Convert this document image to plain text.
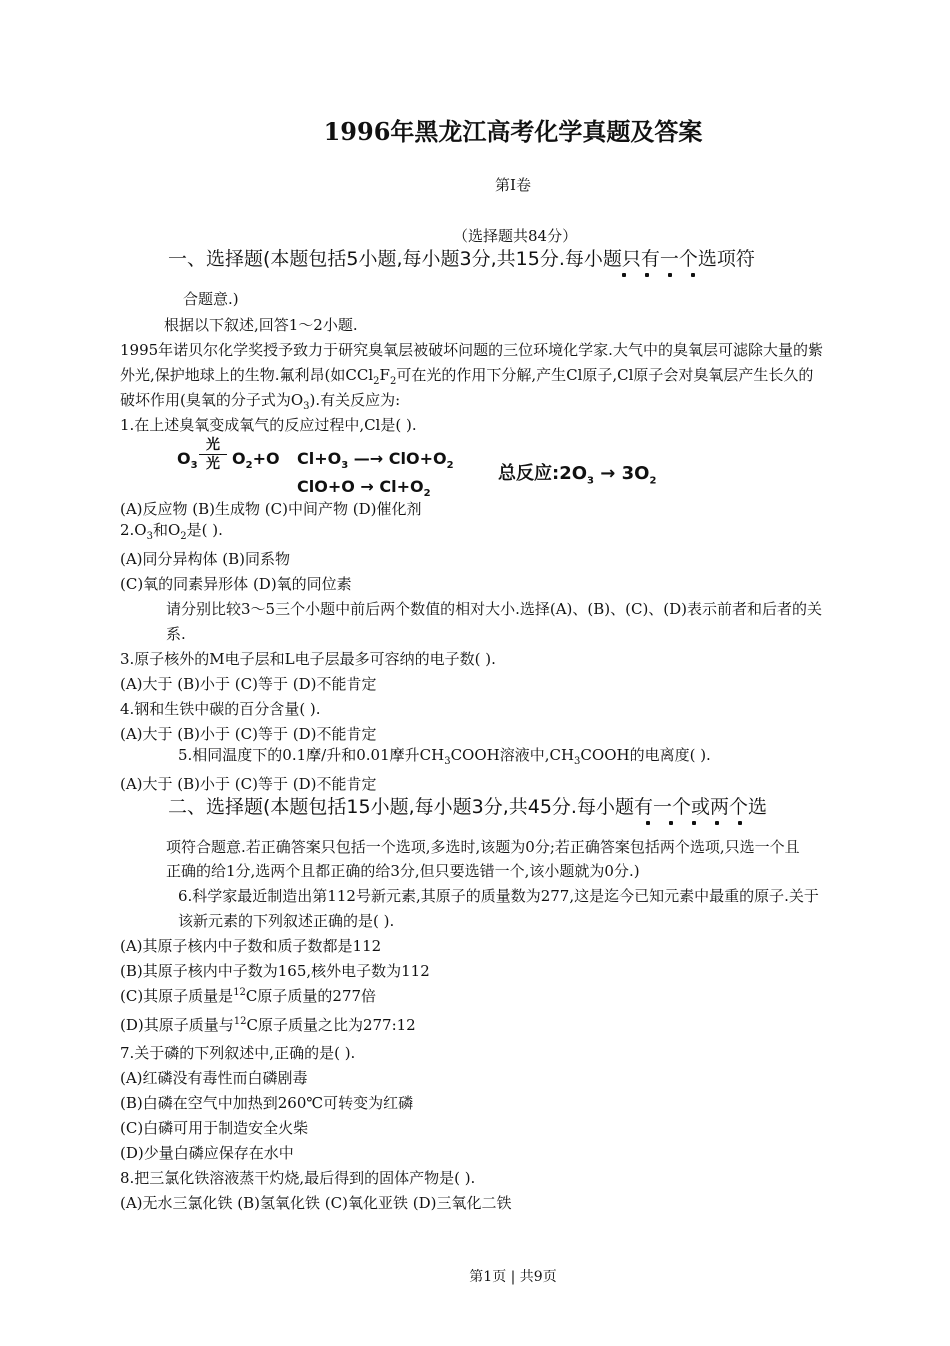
1996年黑龙江高考化学真题及答案
第I卷
（选择题共84分）
一、选择题(本题包括5小题,每小题3分,共15分.每小题只有一个选项符
合题意.)
根据以下叙述,回答1～2小题.
1995年诺贝尔化学奖授予致力于研究臭氧层被破坏问题的三位环境化学家.大气中的臭氧层可滤除大量的紫
外光,保护地球上的生物.氟利昂(如$CCl_2F_2$可在光的作用下分解,产生Cl原子,Cl原子会对臭氧层产生长久的
破坏作用(臭氧的分子式为$O_3$).有关反应为:
1.在上述臭氧变成氧气的反应过程中,Cl是( ).
$O_3$
光
光 $O_2+O$ $Cl+O_3$ —→ $ClO+O_2$
$ClO+O \to Cl+O_2$
总反应$:2O_3 \to 3O_2$
(A)反应物 (B)生成物 (C)中间产物 (D)催化剂
$2.O_3$和$O_2$是( ).
(A)同分异构体 (B)同系物
(C)氧的同素异形体 (D)氧的同位素
请分别比较3～5三个小题中前后两个数值的相对大小.选择(A)、(B)、(C)、(D)表示前者和后者的关
系.
3.原子核外的M电子层和L电子层最多可容纳的电子数( ).
(A)大于 (B)小于 (C)等于 (D)不能肯定
4.钢和生铁中碳的百分含量( ).
(A)大于 (B)小于 (C)等于 (D)不能肯定
5.相同温度下的0.1摩/升和0.01摩升$CH_3COOH$溶液中$,CH_3COOH$的电离度( ).
(A)大于 (B)小于 (C)等于 (D)不能肯定
二、选择题(本题包括15小题,每小题3分,共45分.每小题有一个或两个选
项符合题意.若正确答案只包括一个选项,多选时,该题为0分;若正确答案包括两个选项,只选一个且
正确的给1分,选两个且都正确的给3分,但只要选错一个,该小题就为0分.)
6.科学家最近制造出第112号新元素,其原子的质量数为277,这是迄今已知元素中最重的原子.关于
该新元素的下列叙述正确的是( ).
(A)其原子核内中子数和质子数都是112
(B)其原子核内中子数为165,核外电子数为112
(C)其原子质量是$^{12}$C原子质量的277倍
(D)其原子质量与$^{12}$C原子质量之比为277:12
7.关于磷的下列叙述中,正确的是( ).
(A)红磷没有毒性而白磷剧毒
(B)白磷在空气中加热到260℃可转变为红磷
(C)白磷可用于制造安全火柴
(D)少量白磷应保存在水中
8.把三氯化铁溶液蒸干灼烧,最后得到的固体产物是( ).
(A)无水三氯化铁 (B)氢氧化铁 (C)氧化亚铁 (D)三氧化二铁
第1页 | 共9页
